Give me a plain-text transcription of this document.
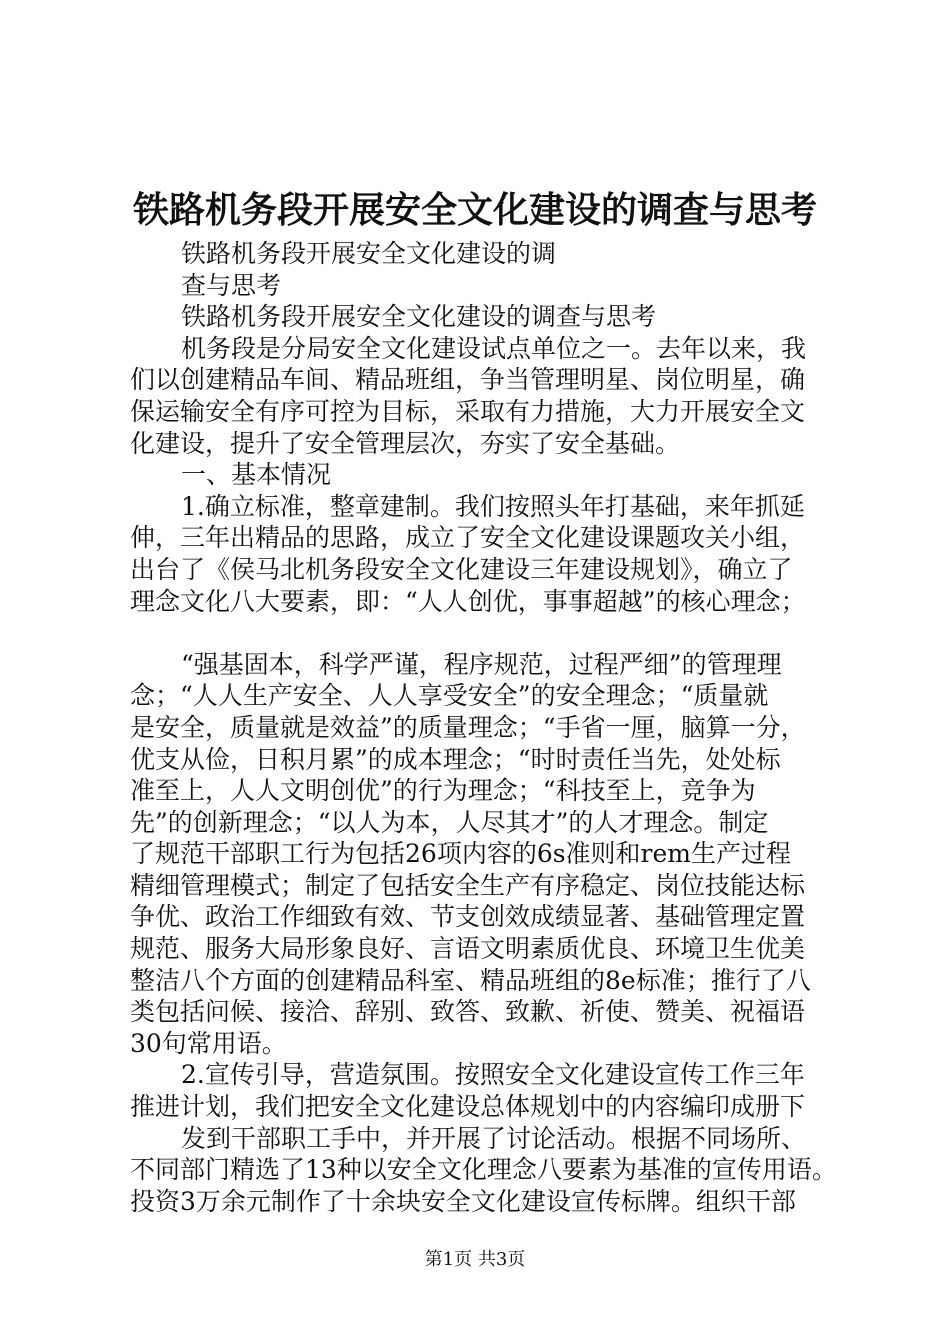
铁路机务段开展安全文化建设的调查与思考
铁路机务段开展安全文化建设的调
查与思考
铁路机务段开展安全文化建设的调查与思考
机务段是分局安全文化建设试点单位之一。去年以来，我
们以创建精品车间、精品班组，争当管理明星、岗位明星，确
保运输安全有序可控为目标，采取有力措施，大力开展安全文
化建设，提升了安全管理层次，夯实了安全基础。
一、基本情况
1.确立标准，整章建制。我们按照头年打基础，来年抓延
伸，三年出精品的思路，成立了安全文化建设课题攻关小组，
出台了《侯马北机务段安全文化建设三年建设规划》，确立了
理念文化八大要素，即：“人人创优，事事超越”的核心理念；
“强基固本，科学严谨，程序规范，过程严细”的管理理
念；“人人生产安全、人人享受安全”的安全理念；“质量就
是安全，质量就是效益”的质量理念；“手省一厘，脑算一分，
优支从俭，日积月累”的成本理念；“时时责任当先，处处标
准至上，人人文明创优”的行为理念；“科技至上，竞争为
先”的创新理念；“以人为本，人尽其才”的人才理念。制定
了规范干部职工行为包括26项内容的6s准则和rem生产过程
精细管理模式；制定了包括安全生产有序稳定、岗位技能达标
争优、政治工作细致有效、节支创效成绩显著、基础管理定置
规范、服务大局形象良好、言语文明素质优良、环境卫生优美
整洁八个方面的创建精品科室、精品班组的8e标准；推行了八
类包括问候、接洽、辞别、致答、致歉、祈使、赞美、祝福语
30句常用语。
2.宣传引导，营造氛围。按照安全文化建设宣传工作三年
推进计划，我们把安全文化建设总体规划中的内容编印成册下
发到干部职工手中，并开展了讨论活动。根据不同场所、
不同部门精选了13种以安全文化理念八要素为基准的宣传用语。
投资3万余元制作了十余块安全文化建设宣传标牌。组织干部
第1页 共3页
